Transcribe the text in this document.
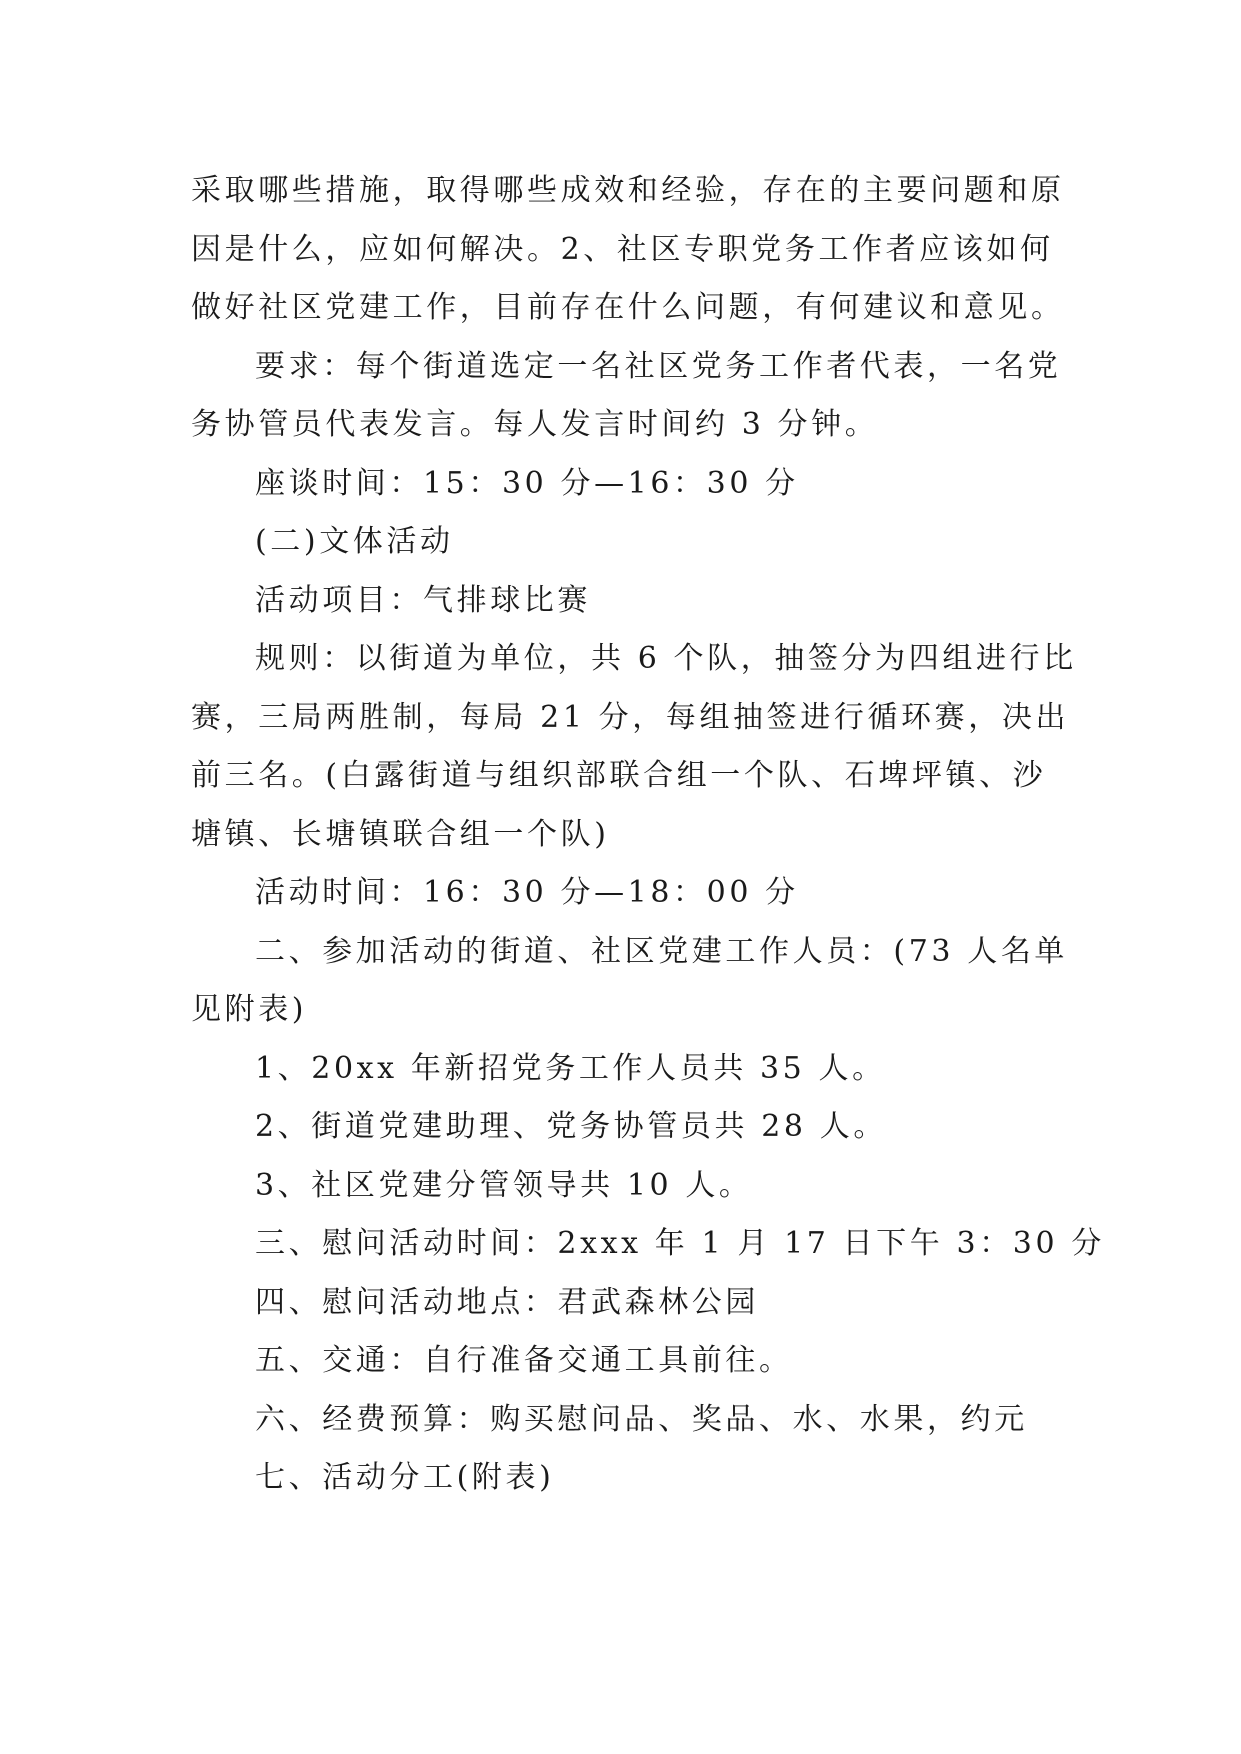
采取哪些措施，取得哪些成效和经验，存在的主要问题和原
因是什么，应如何解决。2、社区专职党务工作者应该如何
做好社区党建工作，目前存在什么问题，有何建议和意见。
要求：每个街道选定一名社区党务工作者代表，一名党
务协管员代表发言。每人发言时间约 3 分钟。
座谈时间：15：30 分—16：30 分
(二)文体活动
活动项目：气排球比赛
规则：以街道为单位，共 6 个队，抽签分为四组进行比
赛，三局两胜制，每局 21 分，每组抽签进行循环赛，决出
前三名。(白露街道与组织部联合组一个队、石埤坪镇、沙
塘镇、长塘镇联合组一个队)
活动时间：16：30 分—18：00 分
二、参加活动的街道、社区党建工作人员：(73 人名单
见附表)
1、20xx 年新招党务工作人员共 35 人。
2、街道党建助理、党务协管员共 28 人。
3、社区党建分管领导共 10 人。
三、慰问活动时间：2xxx 年 1 月 17 日下午 3：30 分
四、慰问活动地点：君武森林公园
五、交通：自行准备交通工具前往。
六、经费预算：购买慰问品、奖品、水、水果，约元
七、活动分工(附表)
